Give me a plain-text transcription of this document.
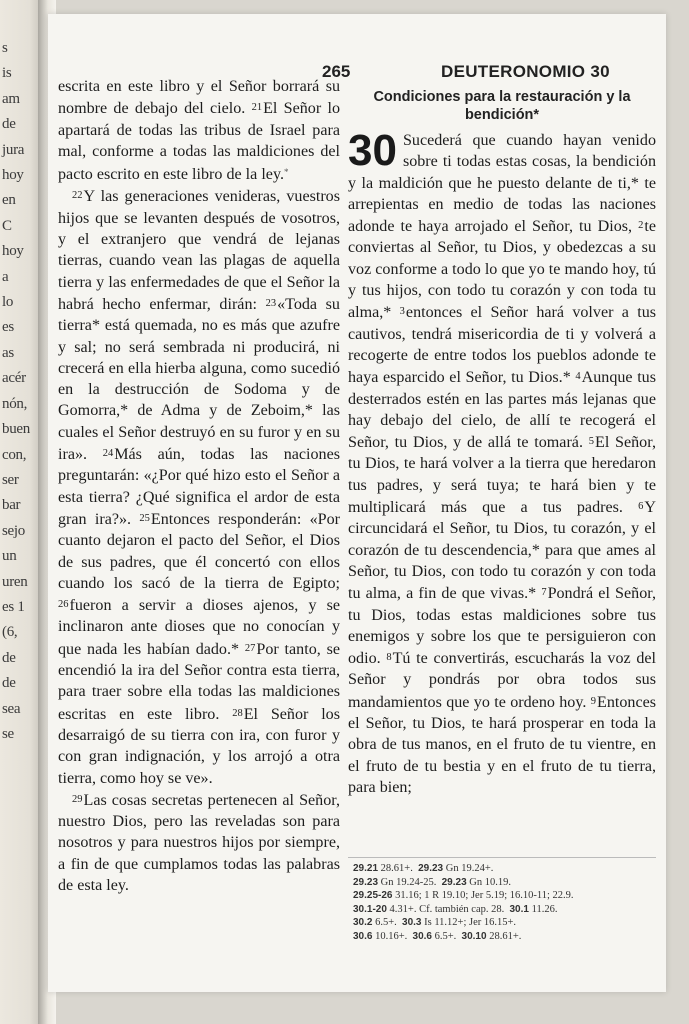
s
is
am
de
jura
hoy
en
C
hoy
a
lo
es
as
acér
nón,
buen
con,
ser
bar
sejo
un
uren
es 1
(6,
de
de
sea
se
265	DEUTERONOMIO 30

escrita en este libro y el Señor borrará su nombre de debajo del cielo. 21El Señor lo apartará de todas las tribus de Israel para mal, conforme a todas las maldiciones del pacto escrito en este libro de la ley.*

22Y las generaciones venideras, vuestros hijos que se levanten después de vosotros, y el extranjero que vendrá de lejanas tierras, cuando vean las plagas de aquella tierra y las enfermedades de que el Señor la habrá hecho enfermar, dirán: 23«Toda su tierra* está quemada, no es más que azufre y sal; no será sembrada ni producirá, ni crecerá en ella hierba alguna, como sucedió en la destrucción de Sodoma y de Gomorra,* de Adma y de Zeboim,* las cuales el Señor destruyó en su furor y en su ira». 24Más aún, todas las naciones preguntarán: «¿Por qué hizo esto el Señor a esta tierra? ¿Qué significa el ardor de esta gran ira?». 25Entonces responderán: «Por cuanto dejaron el pacto del Señor, el Dios de sus padres, que él concertó con ellos cuando los sacó de la tierra de Egipto; 26fueron a servir a dioses ajenos, y se inclinaron ante dioses que no conocían y que nada les habían dado.* 27Por tanto, se encendió la ira del Señor contra esta tierra, para traer sobre ella todas las maldiciones escritas en este libro. 28El Señor los desarraigó de su tierra con ira, con furor y con gran indignación, y los arrojó a otra tierra, como hoy se ve».

29Las cosas secretas pertenecen al Señor, nuestro Dios, pero las reveladas son para nosotros y para nuestros hijos por siempre, a fin de que cumplamos todas las palabras de esta ley.

Condiciones para la restauración y la bendición*

30 Sucederá que cuando hayan venido sobre ti todas estas cosas, la bendición y la maldición que he puesto delante de ti,* te arrepientas en medio de todas las naciones adonde te haya arrojado el Señor, tu Dios, 2te conviertas al Señor, tu Dios, y obedezcas a su voz conforme a todo lo que yo te mando hoy, tú y tus hijos, con todo tu corazón y con toda tu alma,* 3entonces el Señor hará volver a tus cautivos, tendrá misericordia de ti y volverá a recogerte de entre todos los pueblos adonde te haya esparcido el Señor, tu Dios.* 4Aunque tus desterrados estén en las partes más lejanas que hay debajo del cielo, de allí te recogerá el Señor, tu Dios, y de allá te tomará. 5El Señor, tu Dios, te hará volver a la tierra que heredaron tus padres, y será tuya; te hará bien y te multiplicará más que a tus padres. 6Y circuncidará el Señor, tu Dios, tu corazón, y el corazón de tu descendencia,* para que ames al Señor, tu Dios, con todo tu corazón y con toda tu alma, a fin de que vivas.* 7Pondrá el Señor, tu Dios, todas estas maldiciones sobre tus enemigos y sobre los que te persiguieron con odio. 8Tú te convertirás, escucharás la voz del Señor y pondrás por obra todos sus mandamientos que yo te ordeno hoy. 9Entonces el Señor, tu Dios, te hará prosperar en toda la obra de tus manos, en el fruto de tu vientre, en el fruto de tu bestia y en el fruto de tu tierra, para bien;

29.21 28.61+. 29.23 Gn 19.24+.
29.23 Gn 19.24-25. 29.23 Gn 10.19.
29.25-26 31.16; 1 R 19.10; Jer 5.19; 16.10-11; 22.9.
30.1-20 4.31+. Cf. también cap. 28. 30.1 11.26.
30.2 6.5+. 30.3 Is 11.12+; Jer 16.15+.
30.6 10.16+. 30.6 6.5+. 30.10 28.61+.
